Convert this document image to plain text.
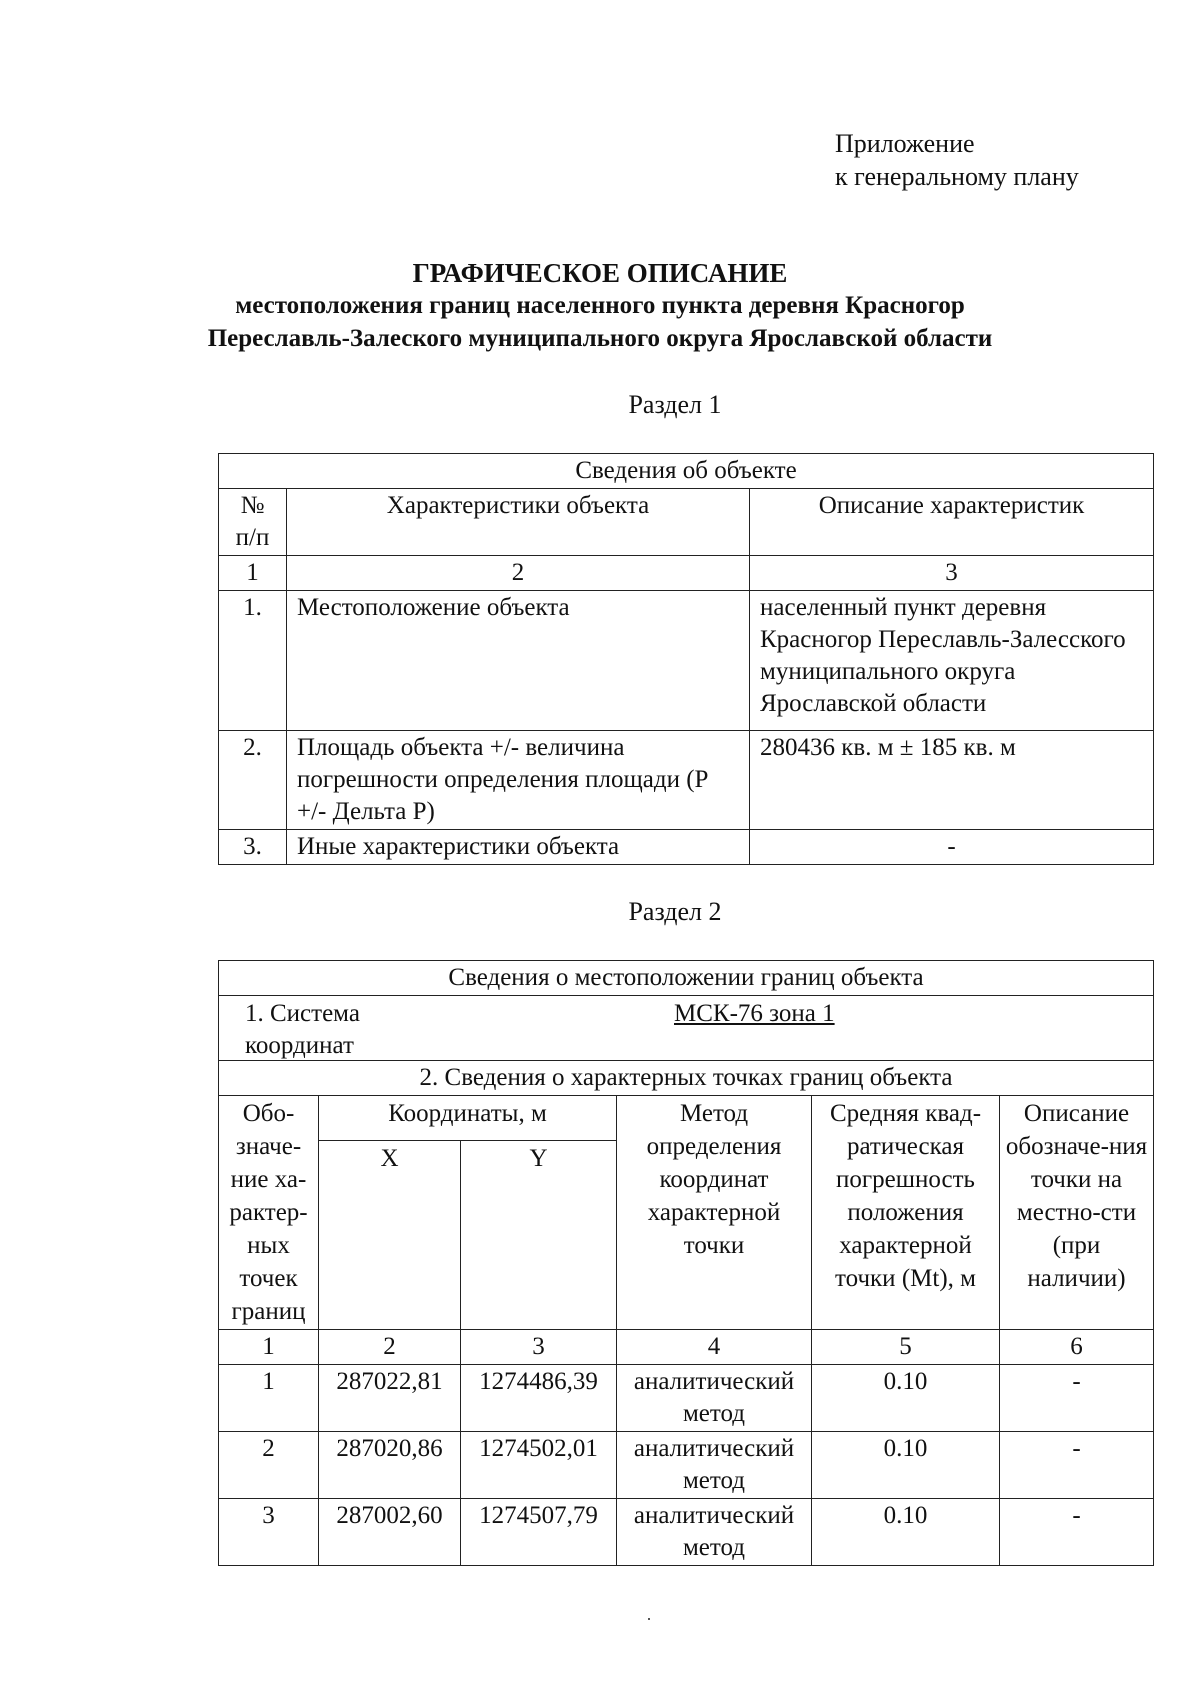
Приложение
к генеральному плану
ГРАФИЧЕСКОЕ ОПИСАНИЕ
местоположения границ населенного пункта деревня Красногор
Переславль-Залеского муниципального округа Ярославской области
Раздел 1
Сведения об объекте		
№ п/п	Характеристики объекта	Описание характеристик
1	2	3
1.	Местоположение объекта	населенный пункт деревня Красногор Переславль-Залесского муниципального округа Ярославской области
2.	Площадь объекта +/- величина погрешности определения площади (Р +/- Дельта Р)	280436 кв. м ± 185 кв. м
3.	Иные характеристики объекта	-
Раздел 2
Сведения о местоположении границ объекта					

1. Система координат
МСК-76 зона 1					

2. Сведения о характерных точках границ объекта					
Обо-значе-ние ха-рактер-ных точек границ	Координаты, м		Метод определения координат характерной точки	Средняя квад-ратическая погрешность положения характерной точки (Mt), м	Описание обозначе-ния точки на местно-сти (при наличии)
	X	Y			
1	2	3	4	5	6
1	287022,81	1274486,39	аналитический метод	0.10	-
2	287020,86	1274502,01	аналитический метод	0.10	-
3	287002,60	1274507,79	аналитический метод	0.10	-
